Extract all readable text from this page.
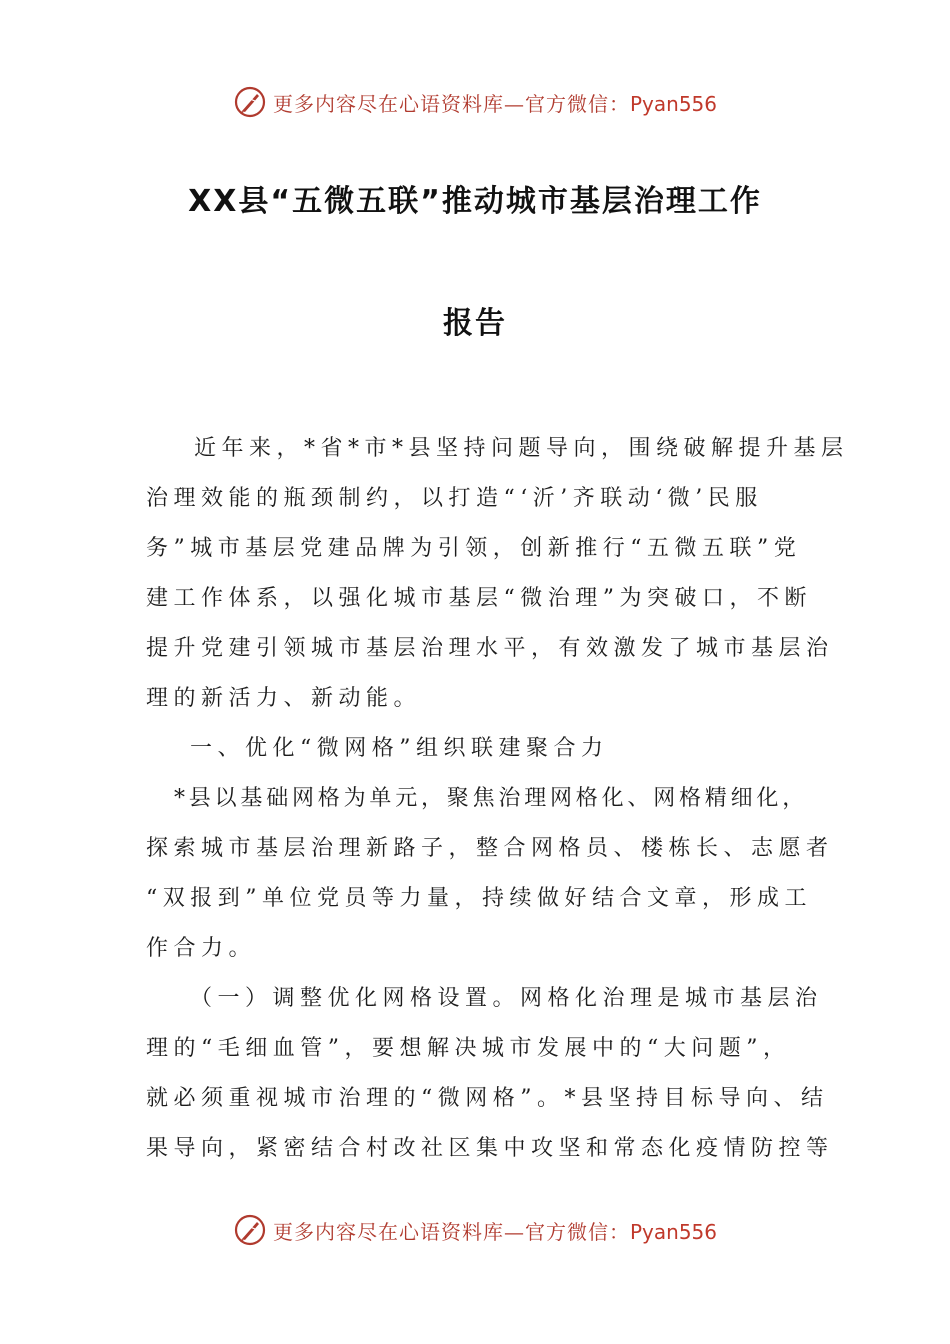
更多内容尽在心语资料库—官方微信：Pyan556
XX县“五微五联”推动城市基层治理工作
报告
近年来，*省*市*县坚持问题导向，围绕破解提升基层
治理效能的瓶颈制约，以打造“‘沂’齐联动‘微’民服
务”城市基层党建品牌为引领，创新推行“五微五联”党
建工作体系，以强化城市基层“微治理”为突破口，不断
提升党建引领城市基层治理水平，有效激发了城市基层治
理的新活力、新动能。
一、优化“微网格”组织联建聚合力
*县以基础网格为单元，聚焦治理网格化、网格精细化，
探索城市基层治理新路子，整合网格员、楼栋长、志愿者
“双报到”单位党员等力量，持续做好结合文章，形成工
作合力。
（一）调整优化网格设置。网格化治理是城市基层治
理的“毛细血管”，要想解决城市发展中的“大问题”，
就必须重视城市治理的“微网格”。*县坚持目标导向、结
果导向，紧密结合村改社区集中攻坚和常态化疫情防控等
更多内容尽在心语资料库—官方微信：Pyan556
